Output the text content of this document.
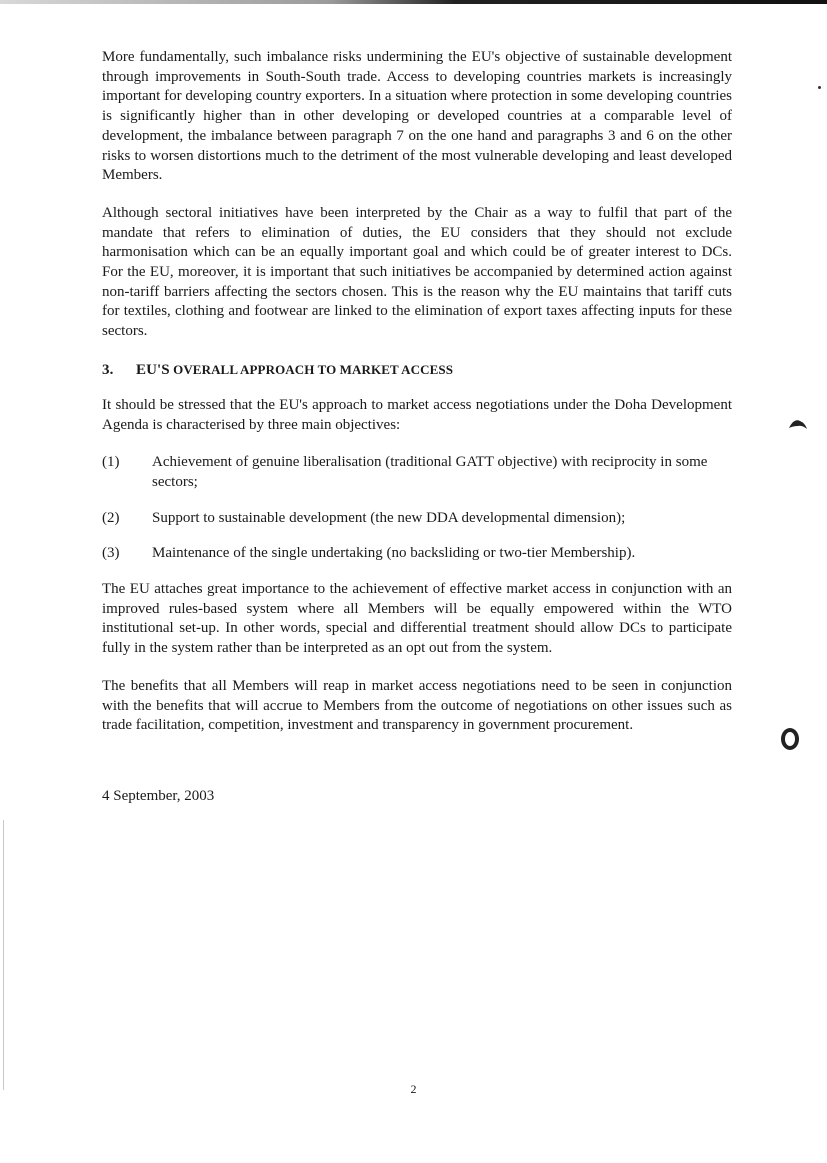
More fundamentally, such imbalance risks undermining the EU's objective of sustainable development through improvements in South-South trade. Access to developing countries markets is increasingly important for developing country exporters. In a situation where protection in some developing countries is significantly higher than in other developing or developed countries at a comparable level of development, the imbalance between paragraph 7 on the one hand and paragraphs 3 and 6 on the other risks to worsen distortions much to the detriment of the most vulnerable developing and least developed Members.

Although sectoral initiatives have been interpreted by the Chair as a way to fulfil that part of the mandate that refers to elimination of duties, the EU considers that they should not exclude harmonisation which can be an equally important goal and which could be of greater interest to DCs. For the EU, moreover, it is important that such initiatives be accompanied by determined action against non-tariff barriers affecting the sectors chosen. This is the reason why the EU maintains that tariff cuts for textiles, clothing and footwear are linked to the elimination of export taxes affecting inputs for these sectors.

3. EU'S OVERALL APPROACH TO MARKET ACCESS

It should be stressed that the EU's approach to market access negotiations under the Doha Development Agenda is characterised by three main objectives:

(1)	Achievement of genuine liberalisation (traditional GATT objective) with reciprocity in some sectors;
(2)	Support to sustainable development (the new DDA developmental dimension);
(3)	Maintenance of the single undertaking (no backsliding or two-tier Membership).

The EU attaches great importance to the achievement of effective market access in conjunction with an improved rules-based system where all Members will be equally empowered within the WTO institutional set-up. In other words, special and differential treatment should allow DCs to participate fully in the system rather than be interpreted as an opt out from the system.

The benefits that all Members will reap in market access negotiations need to be seen in conjunction with the benefits that will accrue to Members from the outcome of negotiations on other issues such as trade facilitation, competition, investment and transparency in government procurement.

4 September, 2003
2
